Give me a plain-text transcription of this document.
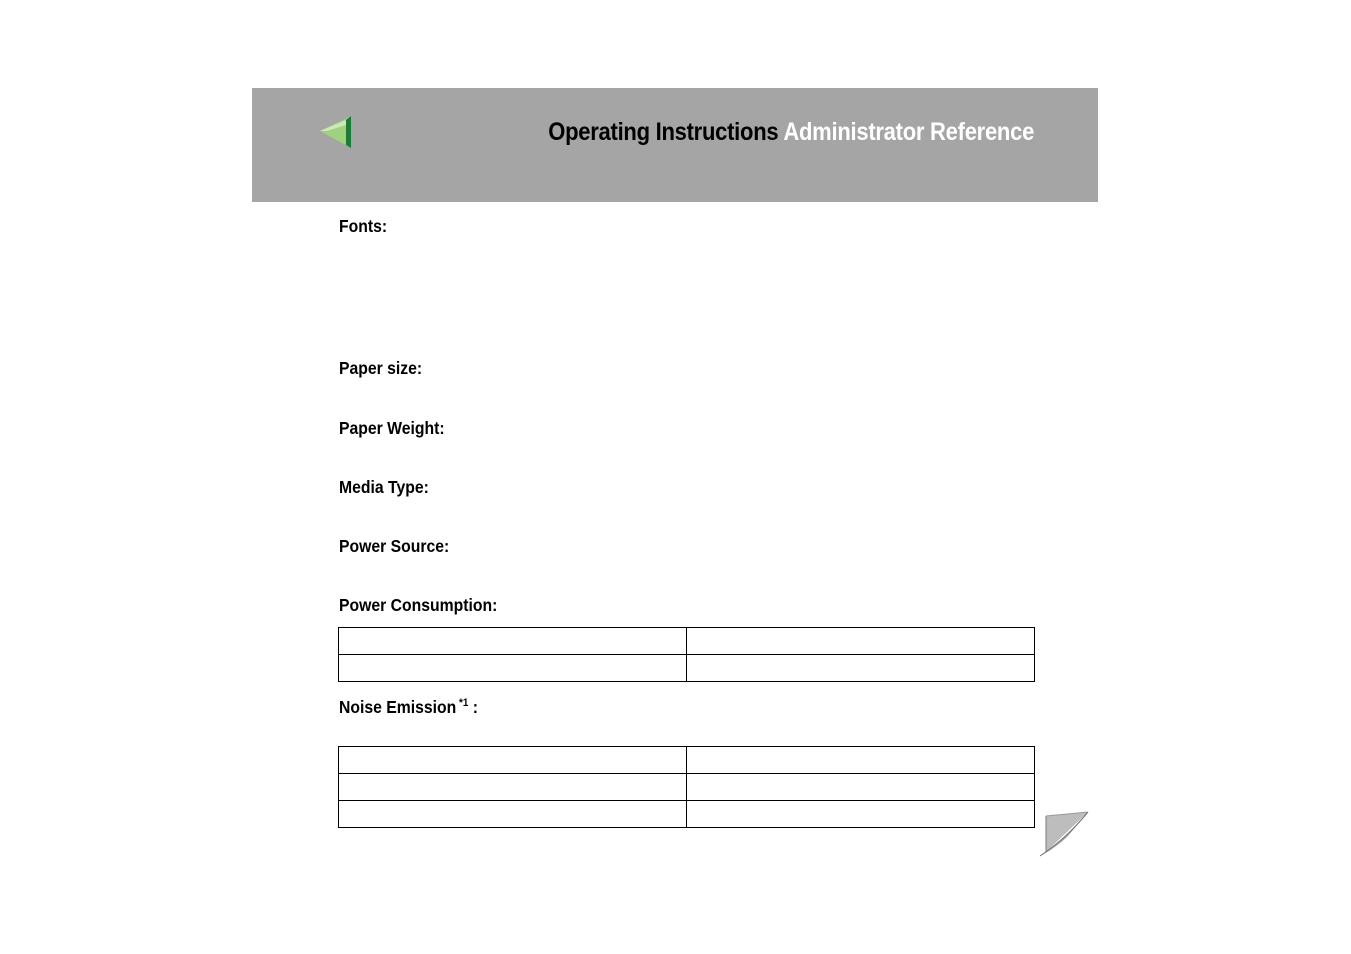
Operating Instructions Administrator Reference
Fonts:
Paper size:
Paper Weight:
Media Type:
Power Source:
Power Consumption:

Noise Emission $^{*1}$ :
